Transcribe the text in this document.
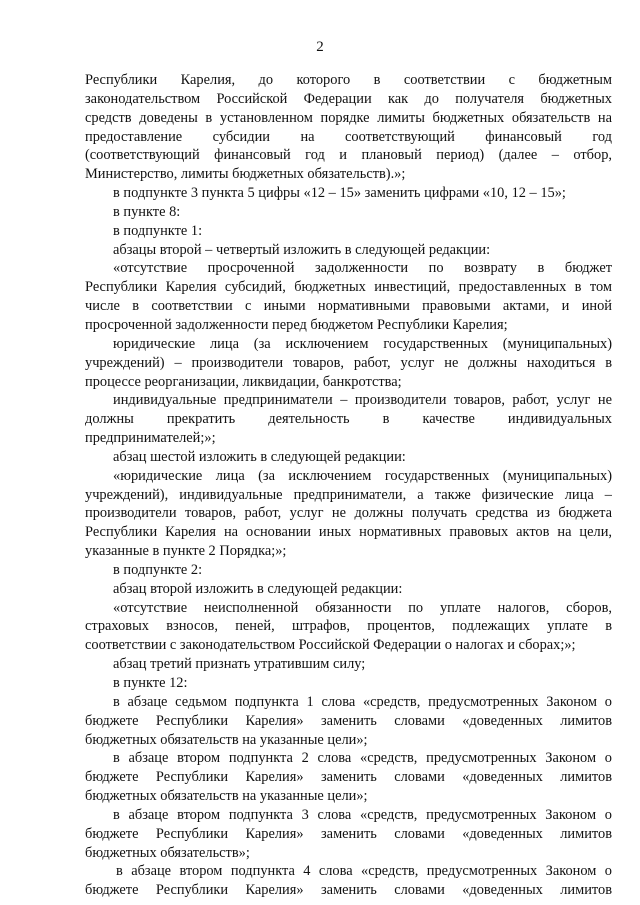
2
Республики Карелия, до которого в соответствии с бюджетным
законодательством Российской Федерации как до получателя бюджетных
средств доведены в установленном порядке лимиты бюджетных обязательств на
предоставление субсидии на соответствующий финансовый год
(соответствующий финансовый год и плановый период) (далее – отбор,
Министерство, лимиты бюджетных обязательств).»;
в подпункте 3 пункта 5 цифры «12 – 15» заменить цифрами «10, 12 – 15»;
в пункте 8:
в подпункте 1:
абзацы второй – четвертый изложить в следующей редакции:
«отсутствие просроченной задолженности по возврату в бюджет
Республики Карелия субсидий, бюджетных инвестиций, предоставленных в том
числе в соответствии с иными нормативными правовыми актами, и иной
просроченной задолженности перед бюджетом Республики Карелия;
юридические лица (за исключением государственных (муниципальных)
учреждений) – производители товаров, работ, услуг не должны находиться в
процессе реорганизации, ликвидации, банкротства;
индивидуальные предприниматели – производители товаров, работ, услуг не
должны прекратить деятельность в качестве индивидуальных
предпринимателей;»;
абзац шестой изложить в следующей редакции:
«юридические лица (за исключением государственных (муниципальных)
учреждений), индивидуальные предприниматели, а также физические лица –
производители товаров, работ, услуг не должны получать средства из бюджета
Республики Карелия на основании иных нормативных правовых актов на цели,
указанные в пункте 2 Порядка;»;
в подпункте 2:
абзац второй изложить в следующей редакции:
«отсутствие неисполненной обязанности по уплате налогов, сборов,
страховых взносов, пеней, штрафов, процентов, подлежащих уплате в
соответствии с законодательством Российской Федерации о налогах и сборах;»;
абзац третий признать утратившим силу;
в пункте 12:
в абзаце седьмом подпункта 1 слова «средств, предусмотренных Законом о
бюджете Республики Карелия» заменить словами «доведенных лимитов
бюджетных обязательств на указанные цели»;
в абзаце втором подпункта 2 слова «средств, предусмотренных Законом о
бюджете Республики Карелия» заменить словами «доведенных лимитов
бюджетных обязательств на указанные цели»;
в абзаце втором подпункта 3 слова «средств, предусмотренных Законом о
бюджете Республики Карелия» заменить словами «доведенных лимитов
бюджетных обязательств»;
в абзаце втором подпункта 4 слова «средств, предусмотренных Законом о
бюджете Республики Карелия» заменить словами «доведенных лимитов
